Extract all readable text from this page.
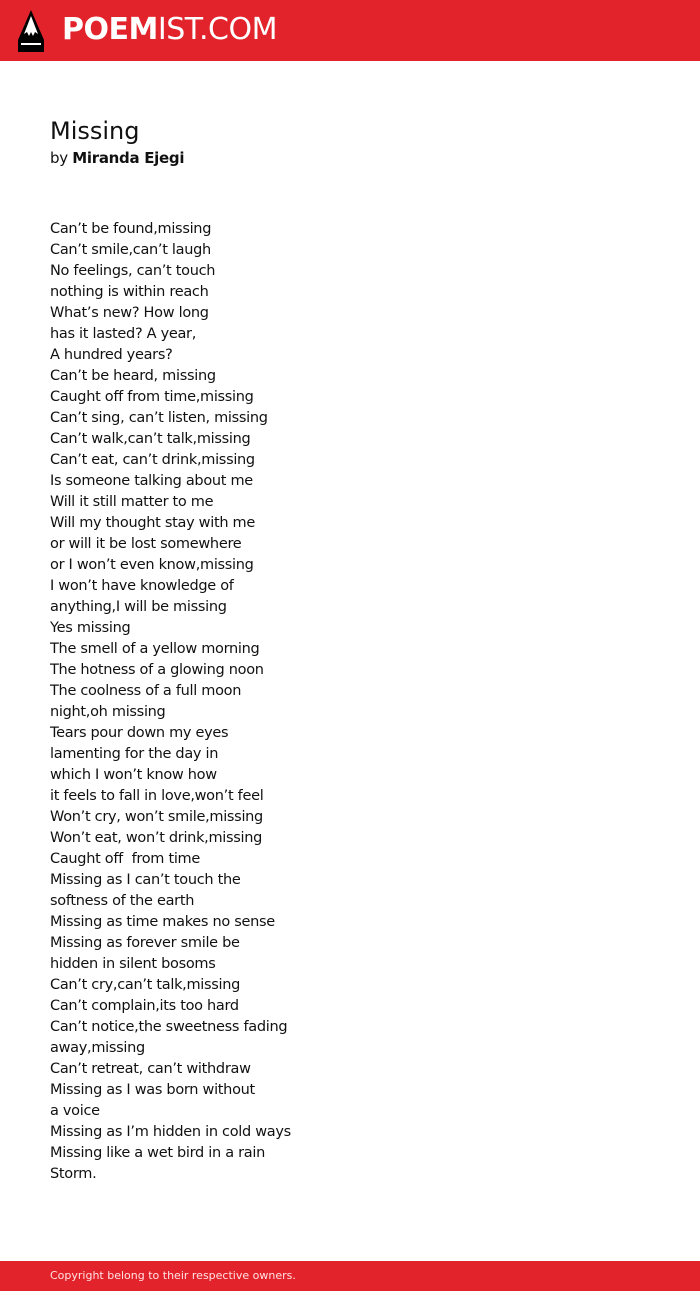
POEMIST.COM
Missing
by Miranda Ejegi
Can’t be found,missing
Can’t smile,can’t laugh
No feelings, can’t touch
nothing is within reach
What’s new? How long
has it lasted? A year,
A hundred years?
Can’t be heard, missing
Caught off from time,missing
Can’t sing, can’t listen, missing
Can’t walk,can’t talk,missing
Can’t eat, can’t drink,missing
Is someone talking about me
Will it still matter to me
Will my thought stay with me
or will it be lost somewhere
or I won’t even know,missing
I won’t have knowledge of
anything,I will be missing
Yes missing
The smell of a yellow morning
The hotness of a glowing noon
The coolness of a full moon
night,oh missing
Tears pour down my eyes
lamenting for the day in
which I won’t know how
it feels to fall in love,won’t feel
Won’t cry, won’t smile,missing
Won’t eat, won’t drink,missing
Caught off  from time
Missing as I can’t touch the
softness of the earth
Missing as time makes no sense
Missing as forever smile be
hidden in silent bosoms
Can’t cry,can’t talk,missing
Can’t complain,its too hard
Can’t notice,the sweetness fading
away,missing
Can’t retreat, can’t withdraw
Missing as I was born without
a voice
Missing as I’m hidden in cold ways
Missing like a wet bird in a rain
Storm.
Copyright belong to their respective owners.
